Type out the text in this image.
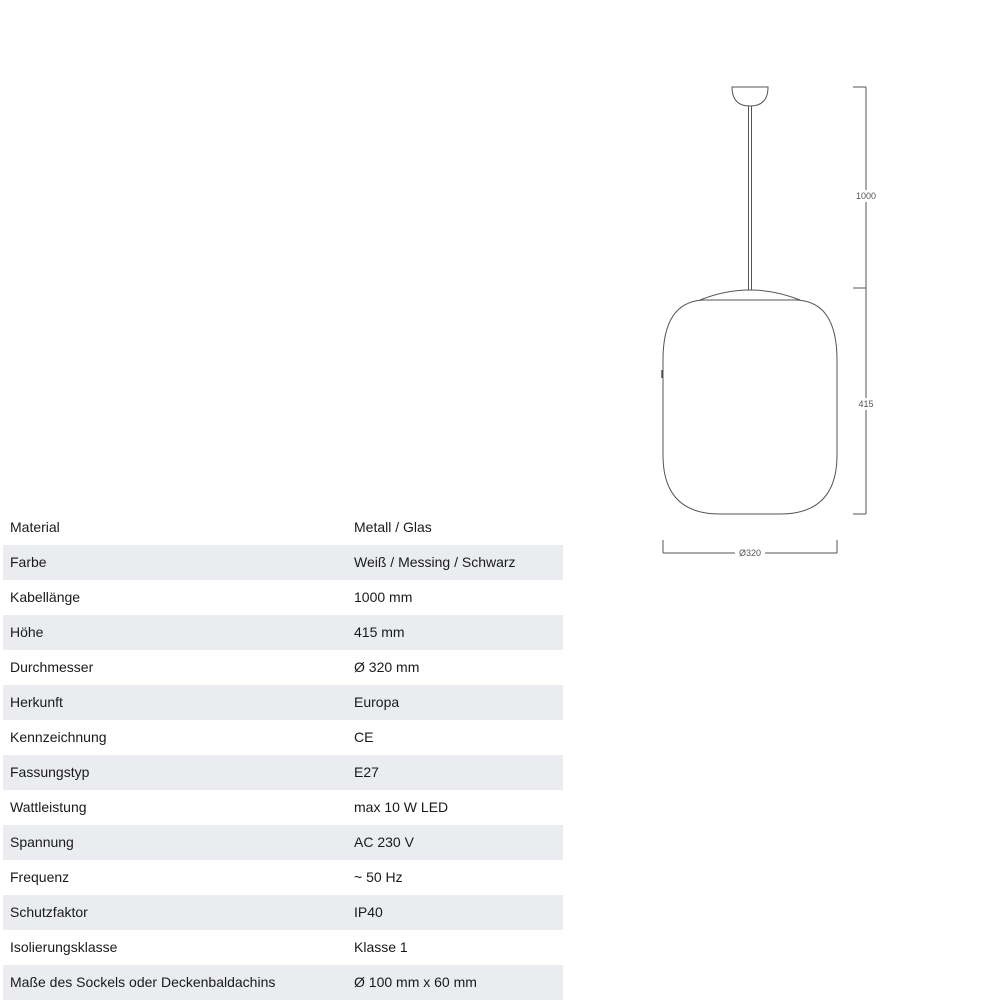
1000
415
Ø320
Material	Metall / Glas
Farbe	Weiß / Messing / Schwarz
Kabellänge	1000 mm
Höhe	415 mm
Durchmesser	Ø 320 mm
Herkunft	Europa
Kennzeichnung	CE
Fassungstyp	E27
Wattleistung	max 10 W LED
Spannung	AC 230 V
Frequenz	~ 50 Hz
Schutzfaktor	IP40
Isolierungsklasse	Klasse 1
Maße des Sockels oder Deckenbaldachins	Ø 100 mm x 60 mm
